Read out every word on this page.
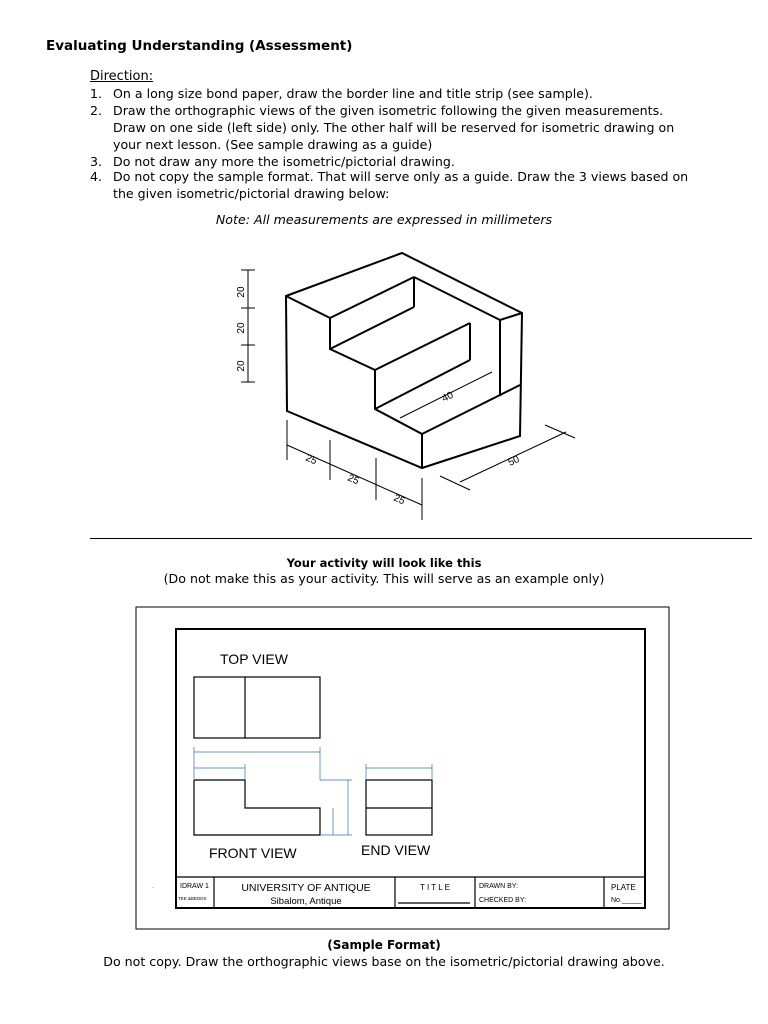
Evaluating Understanding (Assessment)
Direction:
1. On a long size bond paper, draw the border line and title strip (see sample).
2. Draw the orthographic views of the given isometric following the given measurements.
Draw on one side (left side) only. The other half will be reserved for isometric drawing on
your next lesson. (See sample drawing as a guide)
3. Do not draw any more the isometric/pictorial drawing.
4. Do not copy the sample format. That will serve only as a guide. Draw the 3 views based on
the given isometric/pictorial drawing below:
Note: All measurements are expressed in millimeters
20
20
20
25
25
25
50
40
Your activity will look like this
(Do not make this as your activity. This will serve as an example only)
IDRAW 1
TEE &BEDDS
UNIVERSITY OF ANTIQUE
Sibalom, Antique
T I T L E	DRAWN BY:
CHECKED BY:
PLATE
No._____
TOP VIEW
FRONT VIEW	END VIEW
·
(Sample Format)
Do not copy. Draw the orthographic views base on the isometric/pictorial drawing above.
